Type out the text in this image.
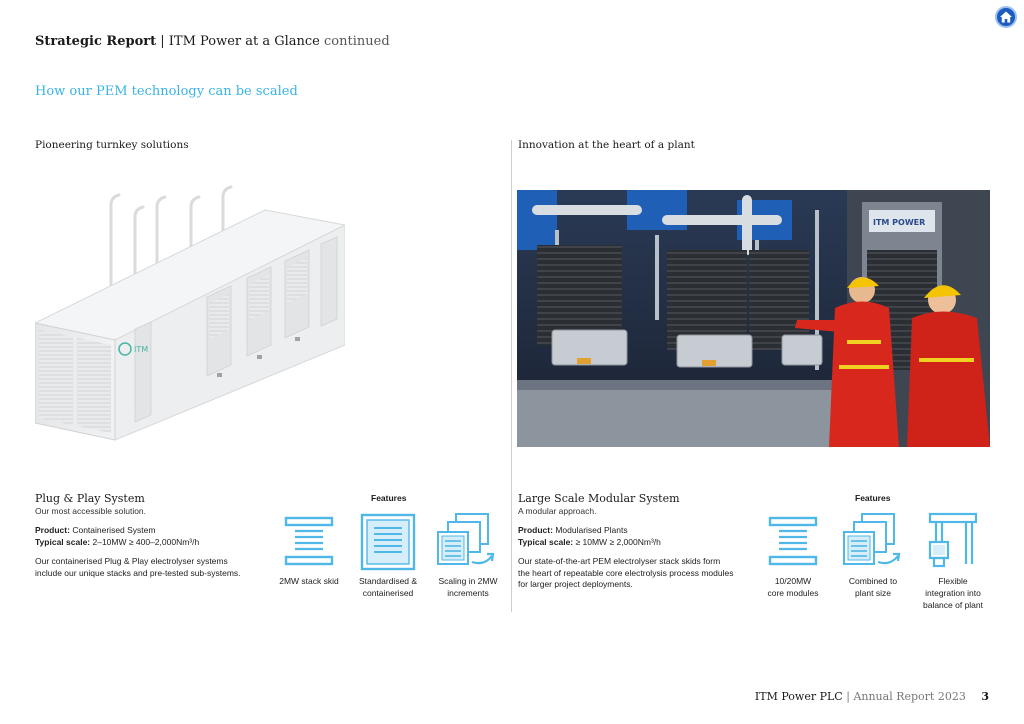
Strategic Report | ITM Power at a Glance continued
How our PEM technology can be scaled
Pioneering turnkey solutions	Innovation at the heart of a plant
ITM
ITM POWER
Plug & Play System
Our most accessible solution.
Product: Containerised System
Typical scale: 2–10MW ≥ 400–2,000Nm³/h
Our containerised Plug & Play electrolyser systems
include our unique stacks and pre-tested sub-systems.
Features
2MW stack skid	Standardised &
containerised
Scaling in 2MW
increments
Large Scale Modular System
A modular approach.
Product: Modularised Plants
Typical scale: ≥ 10MW ≥ 2,000Nm³/h
Our state-of-the-art PEM electrolyser stack skids form
the heart of repeatable core electrolysis process modules
for larger project deployments.
Features
10/20MW
core modules
Combined to
plant size
Flexible
integration into
balance of plant
ITM Power PLC | Annual Report 2023 3
